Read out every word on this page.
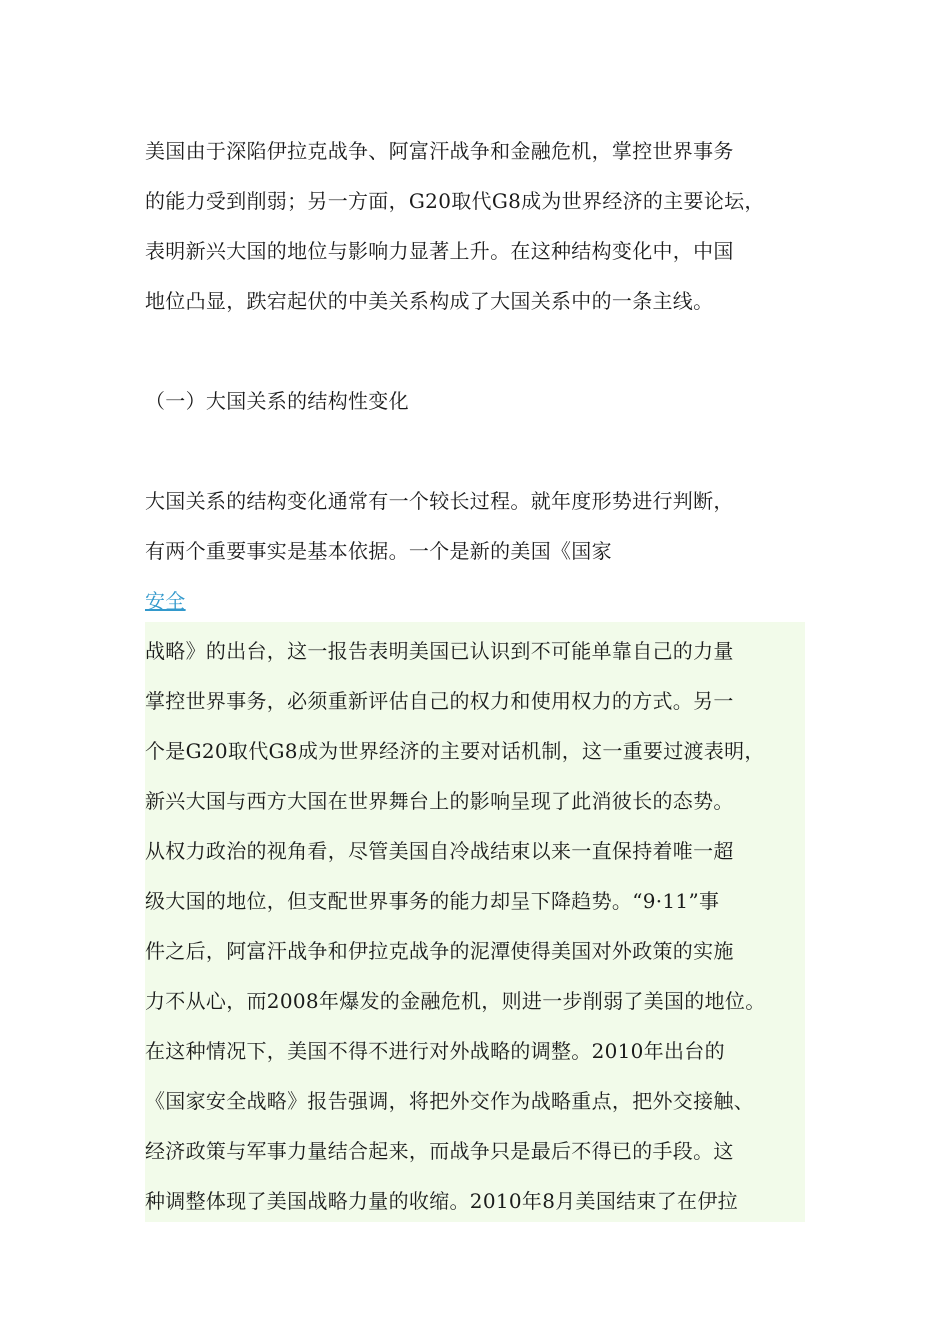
美国由于深陷伊拉克战争、阿富汗战争和金融危机，掌控世界事务
的能力受到削弱；另一方面，G20取代G8成为世界经济的主要论坛，
表明新兴大国的地位与影响力显著上升。在这种结构变化中，中国
地位凸显，跌宕起伏的中美关系构成了大国关系中的一条主线。
（一）大国关系的结构性变化
大国关系的结构变化通常有一个较长过程。就年度形势进行判断，
有两个重要事实是基本依据。一个是新的美国《国家
安全
战略》的出台，这一报告表明美国已认识到不可能单靠自己的力量
掌控世界事务，必须重新评估自己的权力和使用权力的方式。另一
个是G20取代G8成为世界经济的主要对话机制，这一重要过渡表明，
新兴大国与西方大国在世界舞台上的影响呈现了此消彼长的态势。
从权力政治的视角看，尽管美国自冷战结束以来一直保持着唯一超
级大国的地位，但支配世界事务的能力却呈下降趋势。“9·11”事
件之后，阿富汗战争和伊拉克战争的泥潭使得美国对外政策的实施
力不从心，而2008年爆发的金融危机，则进一步削弱了美国的地位。
在这种情况下，美国不得不进行对外战略的调整。2010年出台的
《国家安全战略》报告强调，将把外交作为战略重点，把外交接触、
经济政策与军事力量结合起来，而战争只是最后不得已的手段。这
种调整体现了美国战略力量的收缩。2010年8月美国结束了在伊拉
